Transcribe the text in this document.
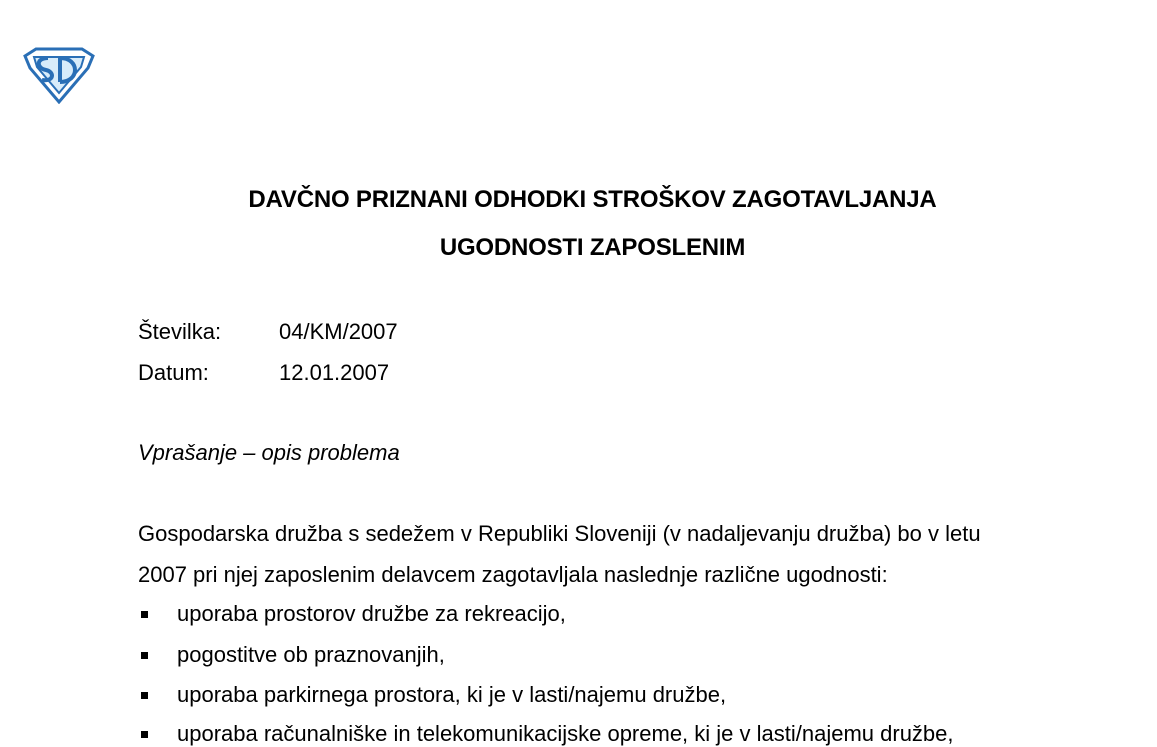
DAVČNO PRIZNANI ODHODKI STROŠKOV ZAGOTAVLJANJA
UGODNOSTI ZAPOSLENIM
Številka:	04/KM/2007
Datum:	12.01.2007
Vprašanje – opis problema
Gospodarska družba s sedežem v Republiki Sloveniji (v nadaljevanju družba) bo v letu
2007 pri njej zaposlenim delavcem zagotavljala naslednje različne ugodnosti:
uporaba prostorov družbe za rekreacijo,
pogostitve ob praznovanjih,
uporaba parkirnega prostora, ki je v lasti/najemu družbe,
uporaba računalniške in telekomunikacijske opreme, ki je v lasti/najemu družbe,
